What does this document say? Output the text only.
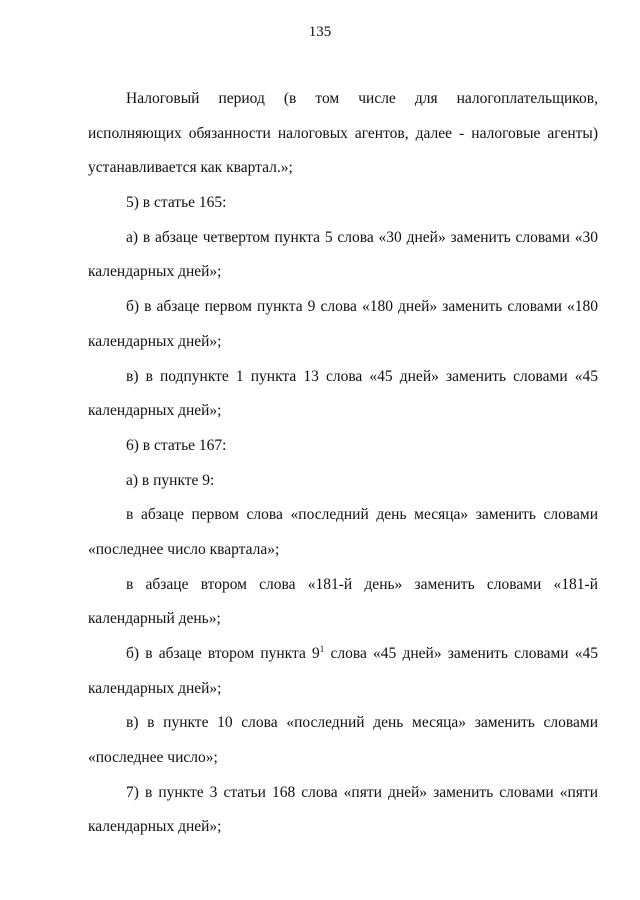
135
Налоговый период (в том числе для налогоплательщиков,
исполняющих обязанности налоговых агентов, далее - налоговые агенты)
устанавливается как квартал.»;
5) в статье 165:
а) в абзаце четвертом пункта 5 слова «30 дней» заменить словами «30
календарных дней»;
б) в абзаце первом пункта 9 слова «180 дней» заменить словами «180
календарных дней»;
в) в подпункте 1 пункта 13 слова «45 дней» заменить словами «45
календарных дней»;
6) в статье 167:
а) в пункте 9:
в абзаце первом слова «последний день месяца» заменить словами
«последнее число квартала»;
в абзаце втором слова «181-й день» заменить словами «181-й
календарный день»;
б) в абзаце втором пункта $9^1$ слова «45 дней» заменить словами «45
календарных дней»;
в) в пункте 10 слова «последний день месяца» заменить словами
«последнее число»;
7) в пункте 3 статьи 168 слова «пяти дней» заменить словами «пяти
календарных дней»;
